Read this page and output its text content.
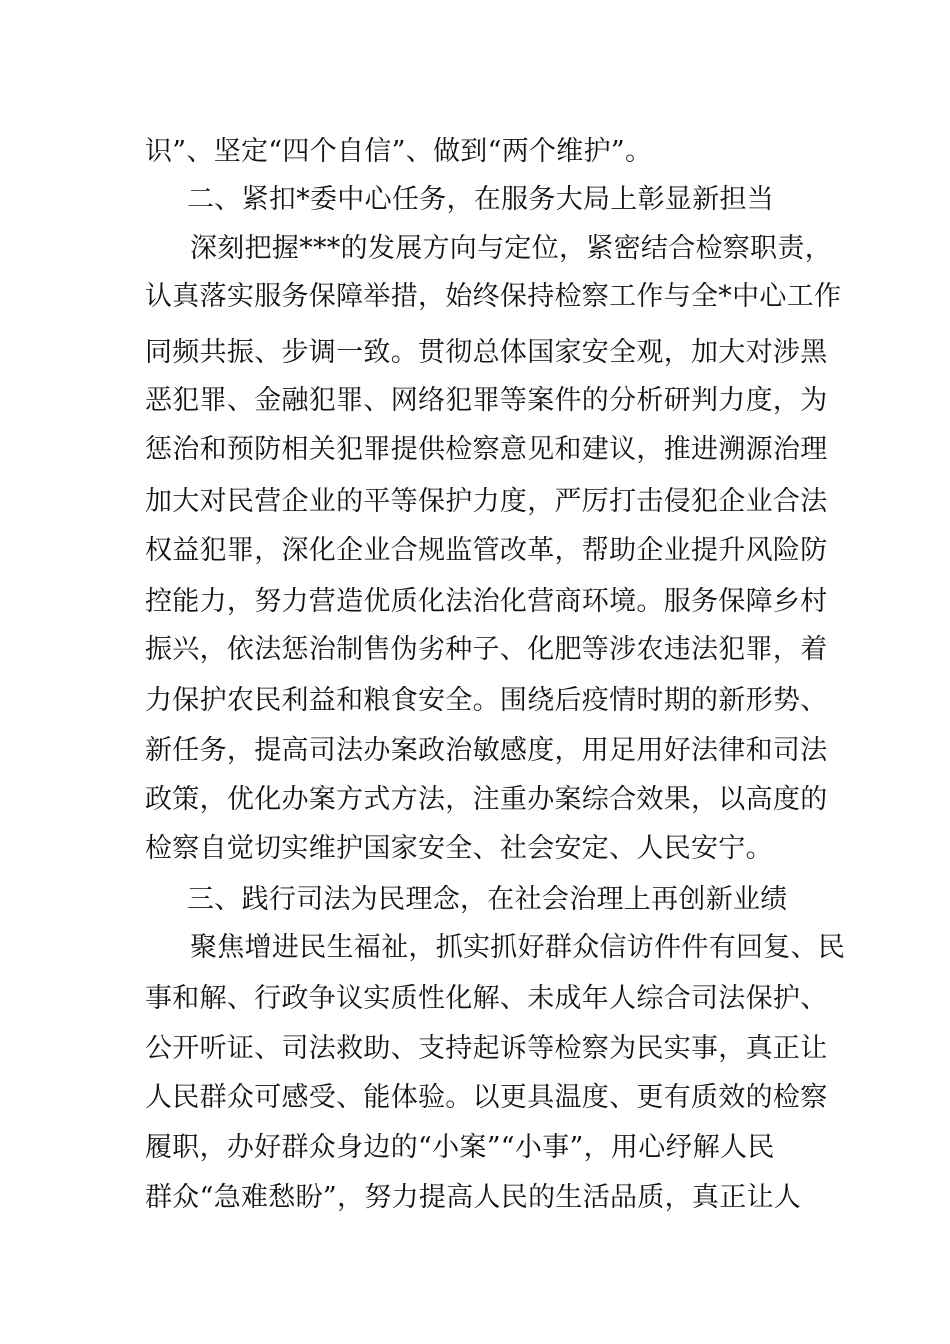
识”、坚定“四个自信”、做到“两个维护”。
二、紧扣*委中心任务，在服务大局上彰显新担当
深刻把握***的发展方向与定位，紧密结合检察职责，
认真落实服务保障举措，始终保持检察工作与全*中心工作
同频共振、步调一致。贯彻总体国家安全观，加大对涉黑
恶犯罪、金融犯罪、网络犯罪等案件的分析研判力度，为
惩治和预防相关犯罪提供检察意见和建议，推进溯源治理
加大对民营企业的平等保护力度，严厉打击侵犯企业合法
权益犯罪，深化企业合规监管改革，帮助企业提升风险防
控能力，努力营造优质化法治化营商环境。服务保障乡村
振兴，依法惩治制售伪劣种子、化肥等涉农违法犯罪，着
力保护农民利益和粮食安全。围绕后疫情时期的新形势、
新任务，提高司法办案政治敏感度，用足用好法律和司法
政策，优化办案方式方法，注重办案综合效果，以高度的
检察自觉切实维护国家安全、社会安定、人民安宁。
三、践行司法为民理念，在社会治理上再创新业绩
聚焦增进民生福祉，抓实抓好群众信访件件有回复、民
事和解、行政争议实质性化解、未成年人综合司法保护、
公开听证、司法救助、支持起诉等检察为民实事，真正让
人民群众可感受、能体验。以更具温度、更有质效的检察
履职，办好群众身边的“小案”“小事”，用心纾解人民
群众“急难愁盼”，努力提高人民的生活品质，真正让人
